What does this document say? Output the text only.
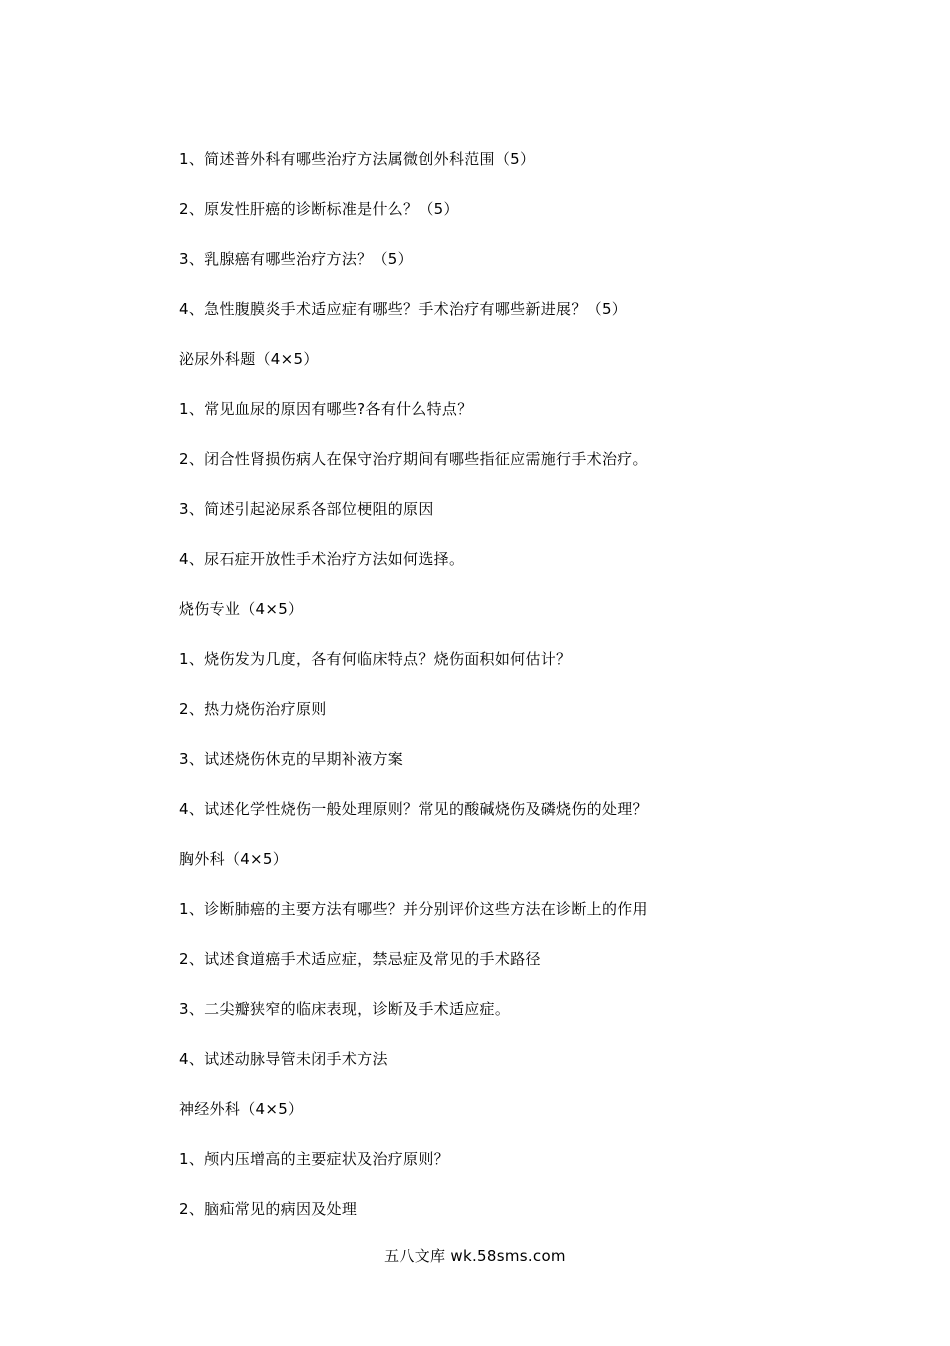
1、简述普外科有哪些治疗方法属微创外科范围（5）
2、原发性肝癌的诊断标准是什么？（5）
3、乳腺癌有哪些治疗方法？（5）
4、急性腹膜炎手术适应症有哪些？手术治疗有哪些新进展？（5）
泌尿外科题（4×5）
1、常见血尿的原因有哪些?各有什么特点？
2、闭合性肾损伤病人在保守治疗期间有哪些指征应需施行手术治疗。
3、简述引起泌尿系各部位梗阻的原因
4、尿石症开放性手术治疗方法如何选择。
烧伤专业（4×5）
1、烧伤发为几度，各有何临床特点？烧伤面积如何估计？
2、热力烧伤治疗原则
3、试述烧伤休克的早期补液方案
4、试述化学性烧伤一般处理原则？常见的酸碱烧伤及磷烧伤的处理？
胸外科（4×5）
1、诊断肺癌的主要方法有哪些？并分别评价这些方法在诊断上的作用
2、试述食道癌手术适应症，禁忌症及常见的手术路径
3、二尖瓣狭窄的临床表现，诊断及手术适应症。
4、试述动脉导管未闭手术方法
神经外科（4×5）
1、颅内压增高的主要症状及治疗原则？
2、脑疝常见的病因及处理
五八文库 wk.58sms.com
